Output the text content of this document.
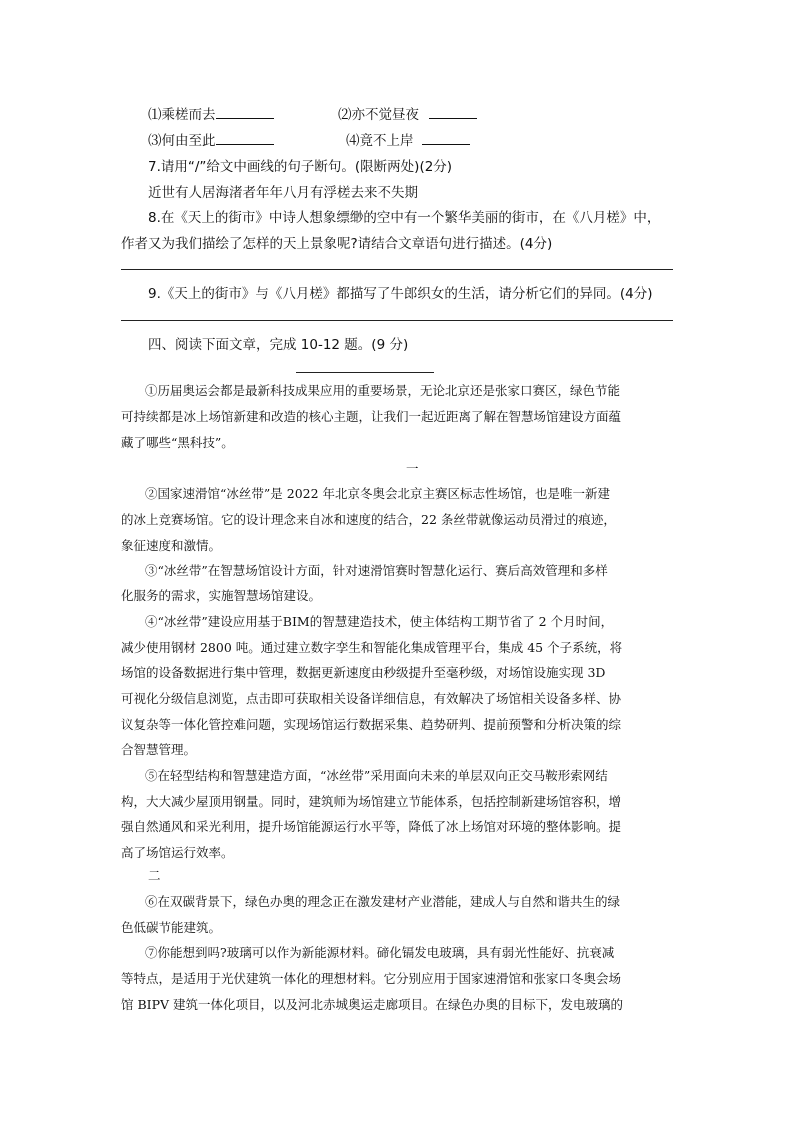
⑴乘槎而去	⑵亦不觉昼夜
⑶何由至此	⑷竟不上岸
7.请用“/”给文中画线的句子断句。(限断两处)(2分)
近世有人居海渚者年年八月有浮槎去来不失期
8.在《天上的街市》中诗人想象缥缈的空中有一个繁华美丽的街市，在《八月槎》中，
作者又为我们描绘了怎样的天上景象呢?请结合文章语句进行描述。(4分)
9.《天上的街市》与《八月槎》都描写了牛郎织女的生活，请分析它们的异同。(4分)
四、阅读下面文章，完成 10-12 题。(9 分)
①历届奥运会都是最新科技成果应用的重要场景，无论北京还是张家口赛区，绿色节能
可持续都是冰上场馆新建和改造的核心主题，让我们一起近距离了解在智慧场馆建设方面蕴
藏了哪些“黑科技”。
一
②国家速滑馆“冰丝带”是 2022 年北京冬奥会北京主赛区标志性场馆，也是唯一新建
的冰上竞赛场馆。它的设计理念来自冰和速度的结合，22 条丝带就像运动员滑过的痕迹，
象征速度和激情。
③“冰丝带”在智慧场馆设计方面，针对速滑馆赛时智慧化运行、赛后高效管理和多样
化服务的需求，实施智慧场馆建设。
④“冰丝带”建设应用基于BIM的智慧建造技术，使主体结构工期节省了 2 个月时间，
减少使用钢材 2800 吨。通过建立数字孪生和智能化集成管理平台，集成 45 个子系统，将
场馆的设备数据进行集中管理，数据更新速度由秒级提升至毫秒级，对场馆设施实现 3D
可视化分级信息浏览，点击即可获取相关设备详细信息，有效解决了场馆相关设备多样、协
议复杂等一体化管控难问题，实现场馆运行数据采集、趋势研判、提前预警和分析决策的综
合智慧管理。
⑤在轻型结构和智慧建造方面，“冰丝带”采用面向未来的单层双向正交马鞍形索网结
构，大大减少屋顶用钢量。同时，建筑师为场馆建立节能体系，包括控制新建场馆容积，增
强自然通风和采光利用，提升场馆能源运行水平等，降低了冰上场馆对环境的整体影响。提
高了场馆运行效率。
二
⑥在双碳背景下，绿色办奥的理念正在激发建材产业潜能，建成人与自然和谐共生的绿
色低碳节能建筑。
⑦你能想到吗?玻璃可以作为新能源材料。碲化镉发电玻璃，具有弱光性能好、抗衰减
等特点，是适用于光伏建筑一体化的理想材料。它分别应用于国家速滑馆和张家口冬奥会场
馆 BIPV 建筑一体化项目，以及河北赤城奥运走廊项目。在绿色办奥的目标下，发电玻璃的
